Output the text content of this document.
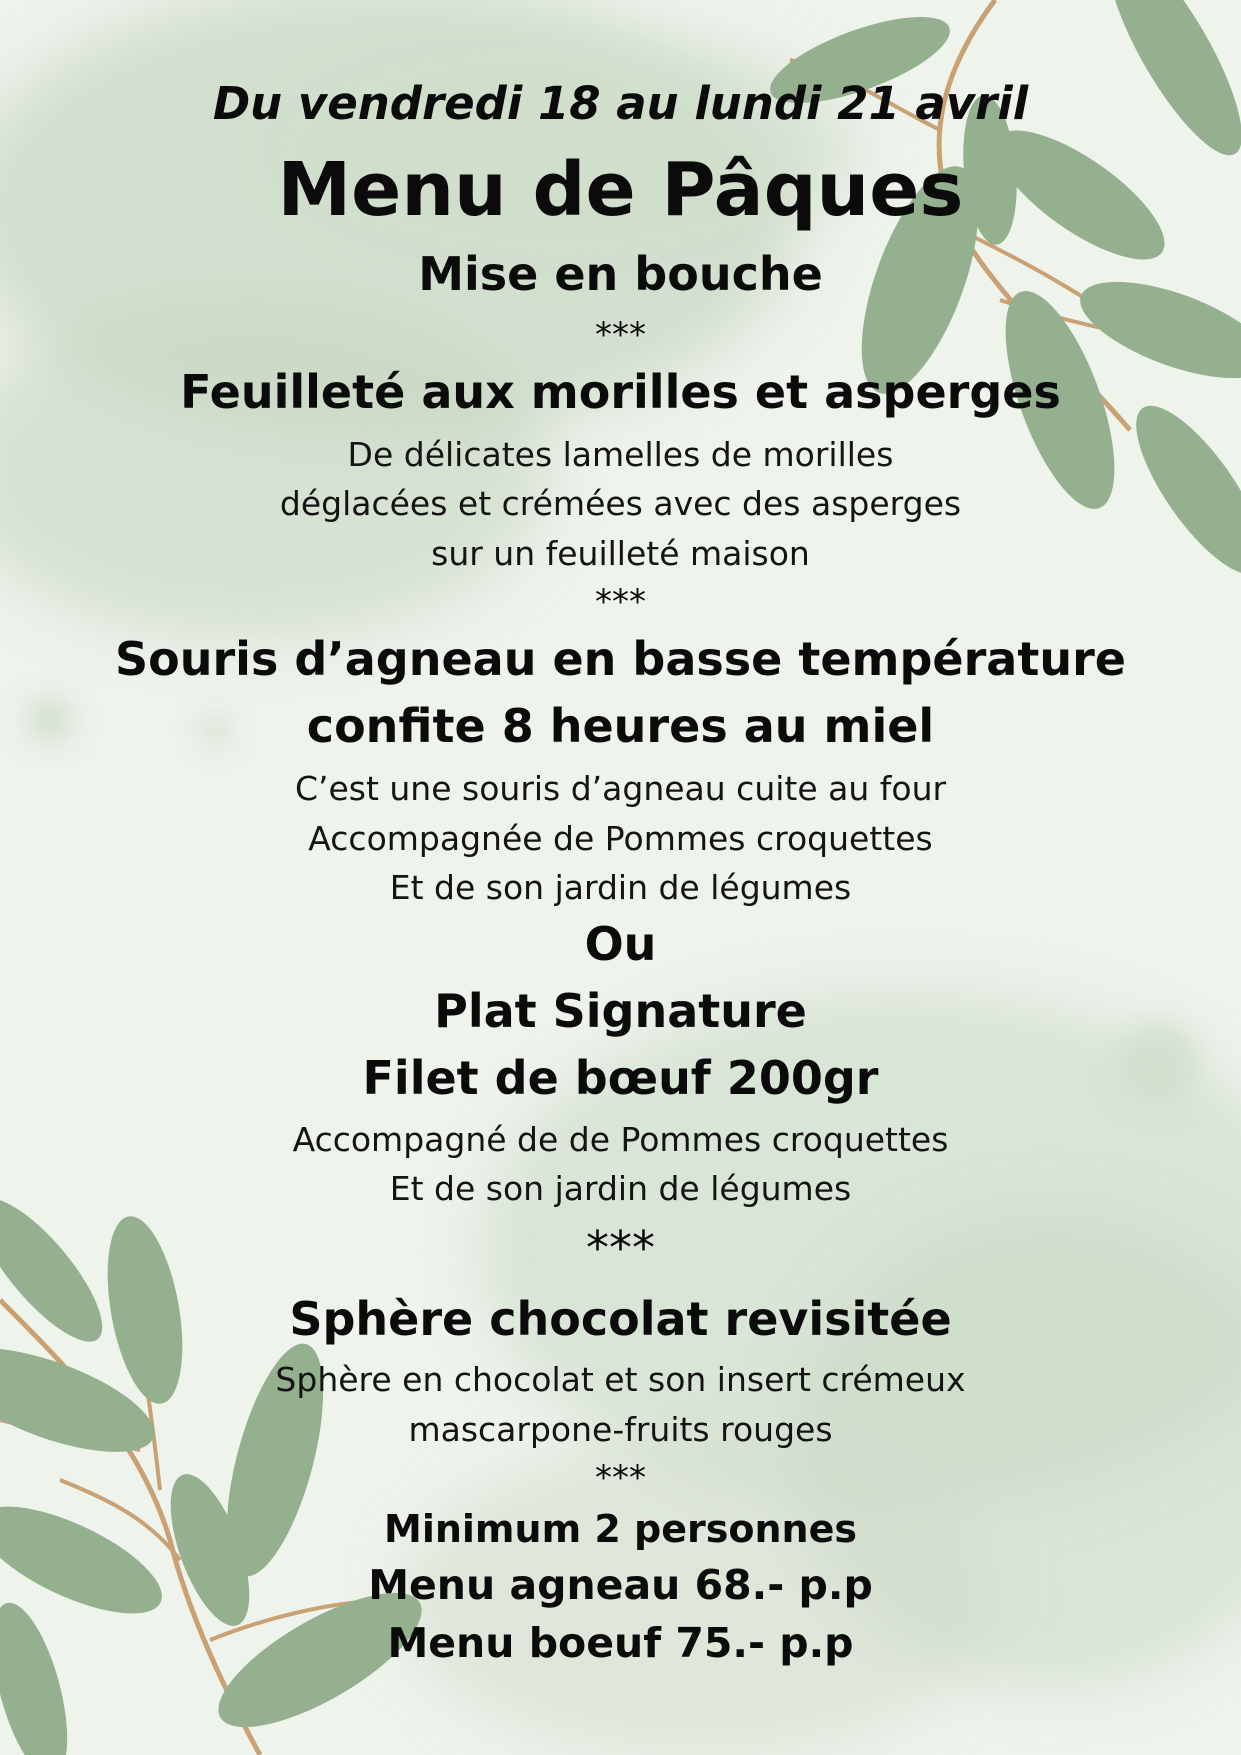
Du vendredi 18 au lundi 21 avril
Menu de Pâques
Mise en bouche
***
Feuilleté aux morilles et asperges
De délicates lamelles de morilles
déglacées et crémées avec des asperges
sur un feuilleté maison
***
Souris d’agneau en basse température
confite 8 heures au miel
C’est une souris d’agneau cuite au four
Accompagnée de Pommes croquettes
Et de son jardin de légumes
Ou
Plat Signature
Filet de bœuf 200gr
Accompagné de de Pommes croquettes
Et de son jardin de légumes
***
Sphère chocolat revisitée
Sphère en chocolat et son insert crémeux
mascarpone-fruits rouges
***
Minimum 2 personnes
Menu agneau 68.- p.p
Menu boeuf 75.- p.p
